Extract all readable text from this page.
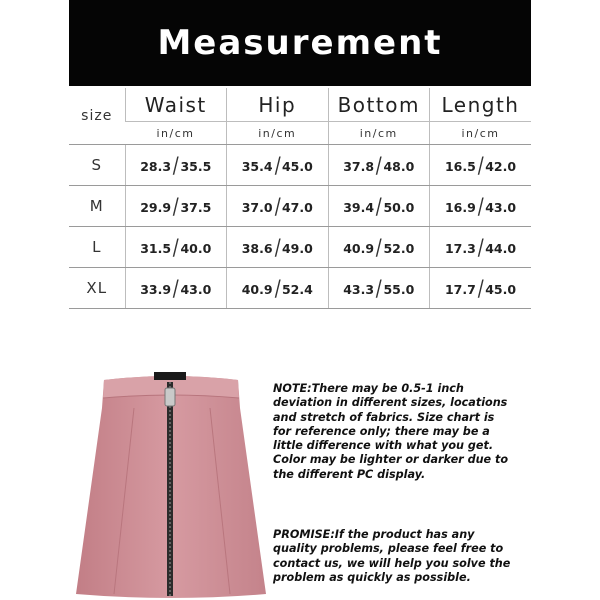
Measurement
size	Waist	Hip	Bottom	Length
	in/cm	in/cm	in/cm	in/cm
S	28.3/ 35.5	35.4/ 45.0	37.8/ 48.0	16.5/ 42.0
M	29.9/ 37.5	37.0/ 47.0	39.4/ 50.0	16.9/ 43.0
L	31.5/ 40.0	38.6/ 49.0	40.9/ 52.0	17.3/ 44.0
XL	33.9/ 43.0	40.9/ 52.4	43.3/ 55.0	17.7/ 45.0
NOTE:There may be 0.5-1 inch deviation in different sizes, locations and stretch of fabrics. Size chart is for reference only; there may be a little difference with what you get. Color may be lighter or darker due to the different PC display.
PROMISE:If the product has any quality problems, please feel free to contact us, we will help you solve the problem as quickly as possible.
